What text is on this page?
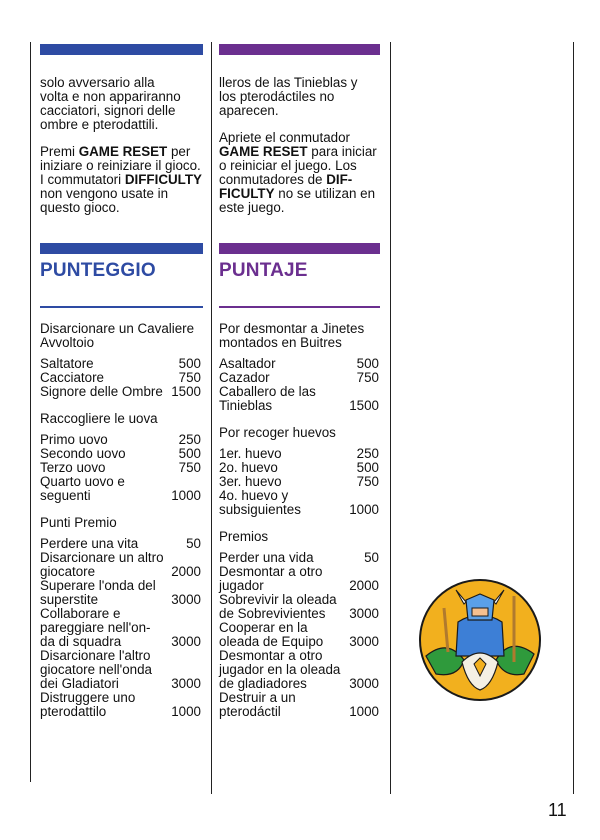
solo avversario alla
volta e non appariranno
cacciatori, signori delle
ombre e pterodattili.

Premi GAME RESET per iniziare o reiniziare il gioco. I commutatori DIFFICULTY non vengono usate in questo gioco.

lleros de las Tinieblas y
los pterodáctiles no
aparecen.

Apriete el conmutador GAME RESET para iniciar o reiniciar el juego. Los conmutadores de DIF-FICULTY no se utilizan en este juego.

PUNTEGGIO	PUNTAJE
Disarcionare un Cavaliere Avvoltoio
Saltatore	500
Cacciatore	750
Signore delle Ombre 1500
Raccogliere le uova
Primo uovo	250
Secondo uovo	500
Terzo uovo	750
Quarto uovo e seguenti	1000
Punti Premio
Perdere una vita	50
Disarcionare un altro giocatore	2000
Superare l'onda del superstite	3000
Collaborare e pareggiare nell'on-da di squadra	3000
Disarcionare l'altro giocatore nell'onda dei Gladiatori	3000
Distruggere uno pterodattilo	1000
Por desmontar a Jinetes montados en Buitres
Asaltador	500
Cazador	750
Caballero de las Tinieblas	1500
Por recoger huevos
1er. huevo	250
2o. huevo	500
3er. huevo	750
4o. huevo y subsiguientes	1000
Premios
Perder una vida	50
Desmontar a otro jugador	2000
Sobrevivir la oleada de Sobrevivientes	3000
Cooperar en la oleada de Equipo	3000
Desmontar a otro jugador en la oleada de gladiadores	3000
Destruir a un pterodáctil	1000
11
